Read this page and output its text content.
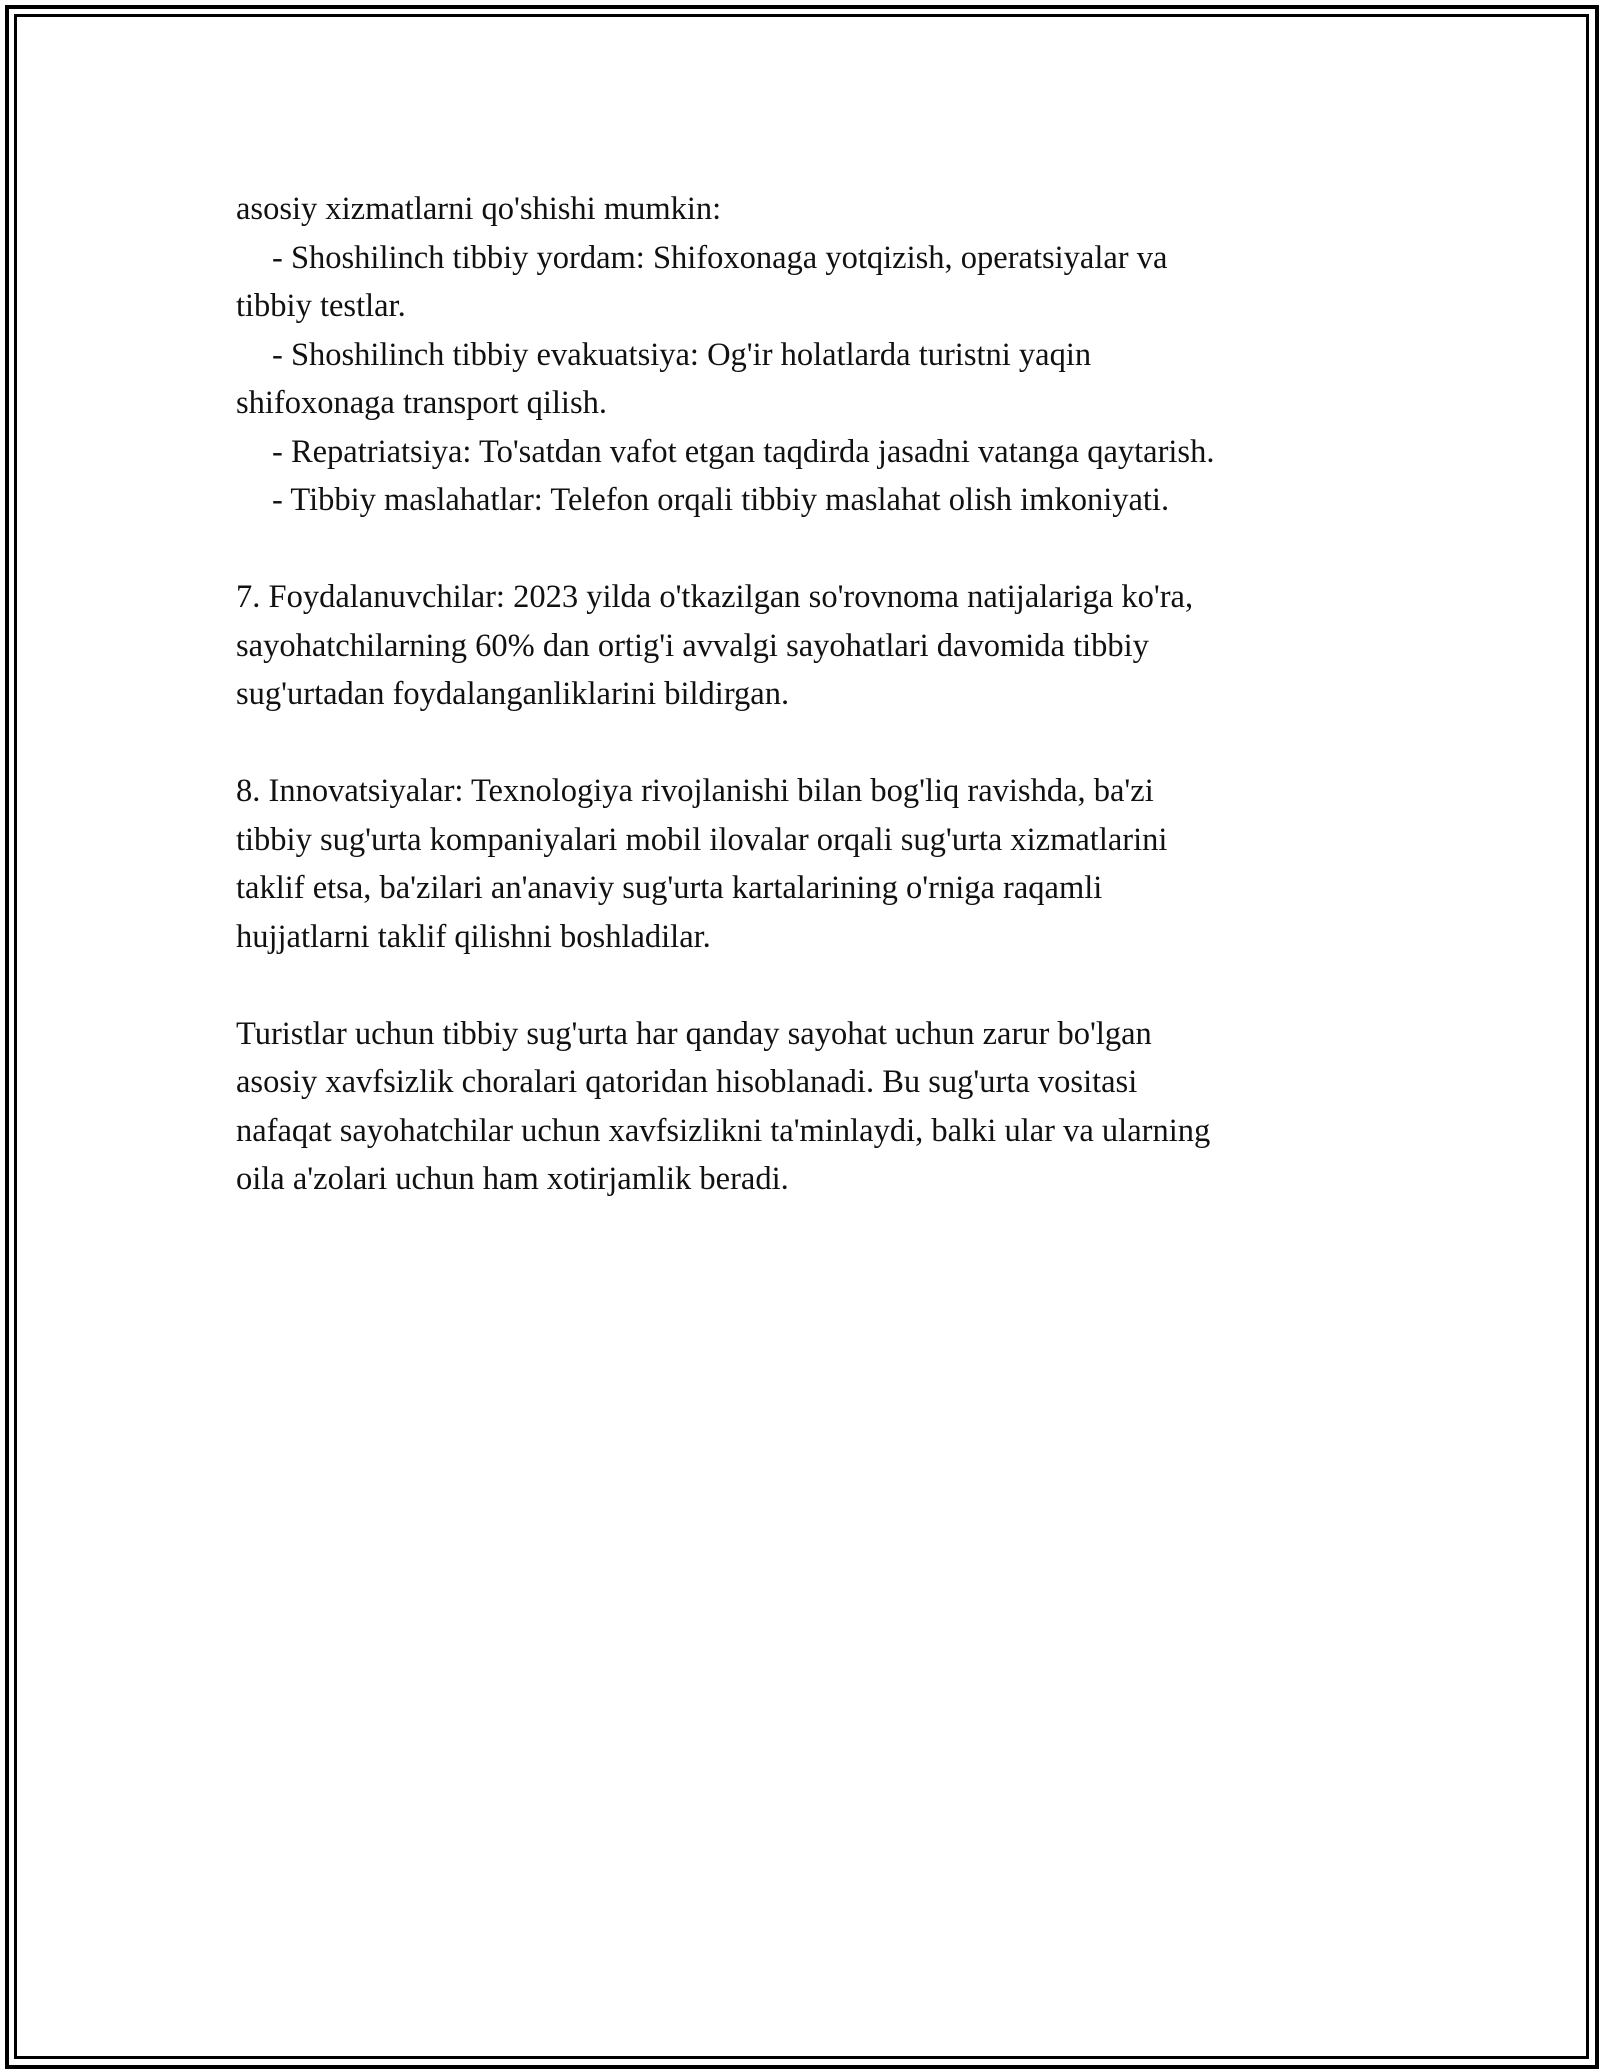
asosiy xizmatlarni qo'shishi mumkin:

- Shoshilinch tibbiy yordam: Shifoxonaga yotqizish, operatsiyalar va

tibbiy testlar.

- Shoshilinch tibbiy evakuatsiya: Og'ir holatlarda turistni yaqin

shifoxonaga transport qilish.

- Repatriatsiya: To'satdan vafot etgan taqdirda jasadni vatanga qaytarish.

- Tibbiy maslahatlar: Telefon orqali tibbiy maslahat olish imkoniyati.

7. Foydalanuvchilar: 2023 yilda o'tkazilgan so'rovnoma natijalariga ko'ra,

sayohatchilarning 60% dan ortig'i avvalgi sayohatlari davomida tibbiy

sug'urtadan foydalanganliklarini bildirgan.

8. Innovatsiyalar: Texnologiya rivojlanishi bilan bog'liq ravishda, ba'zi

tibbiy sug'urta kompaniyalari mobil ilovalar orqali sug'urta xizmatlarini

taklif etsa, ba'zilari an'anaviy sug'urta kartalarining o'rniga raqamli

hujjatlarni taklif qilishni boshladilar.

Turistlar uchun tibbiy sug'urta har qanday sayohat uchun zarur bo'lgan

asosiy xavfsizlik choralari qatoridan hisoblanadi. Bu sug'urta vositasi

nafaqat sayohatchilar uchun xavfsizlikni ta'minlaydi, balki ular va ularning

oila a'zolari uchun ham xotirjamlik beradi.
